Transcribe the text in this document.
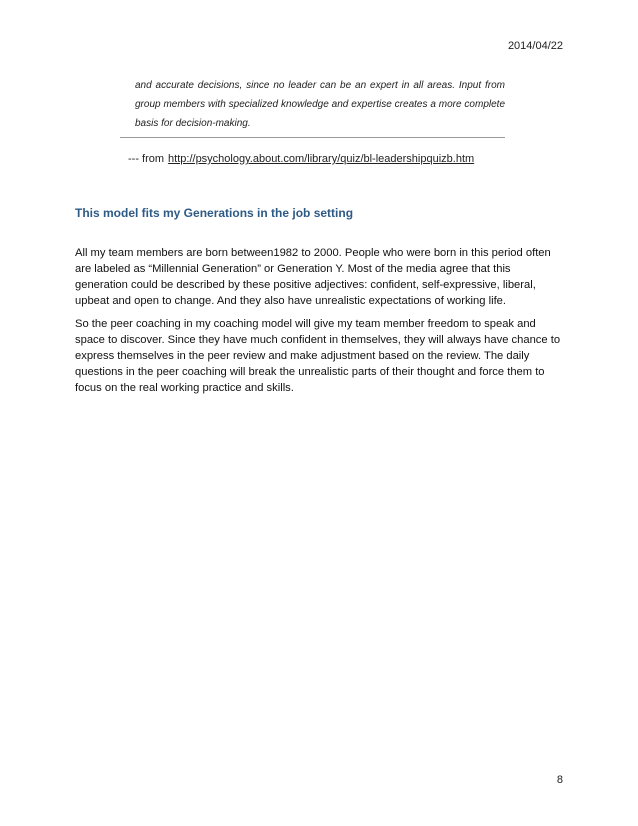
2014/04/22

and accurate decisions, since no leader can be an expert in all areas. Input from group members with specialized knowledge and expertise creates a more complete basis for decision-making.

--- from http://psychology.about.com/library/quiz/bl-leadershipquizb.htm
This model fits my Generations in the job setting

All my team members are born between1982 to 2000. People who were born in this period often are labeled as “Millennial Generation” or Generation Y. Most of the media agree that this generation could be described by these positive adjectives: confident, self-expressive, liberal, upbeat and open to change. And they also have unrealistic expectations of working life.

So the peer coaching in my coaching model will give my team member freedom to speak and space to discover. Since they have much confident in themselves, they will always have chance to express themselves in the peer review and make adjustment based on the review. The daily questions in the peer coaching will break the unrealistic parts of their thought and force them to focus on the real working practice and skills.

8
